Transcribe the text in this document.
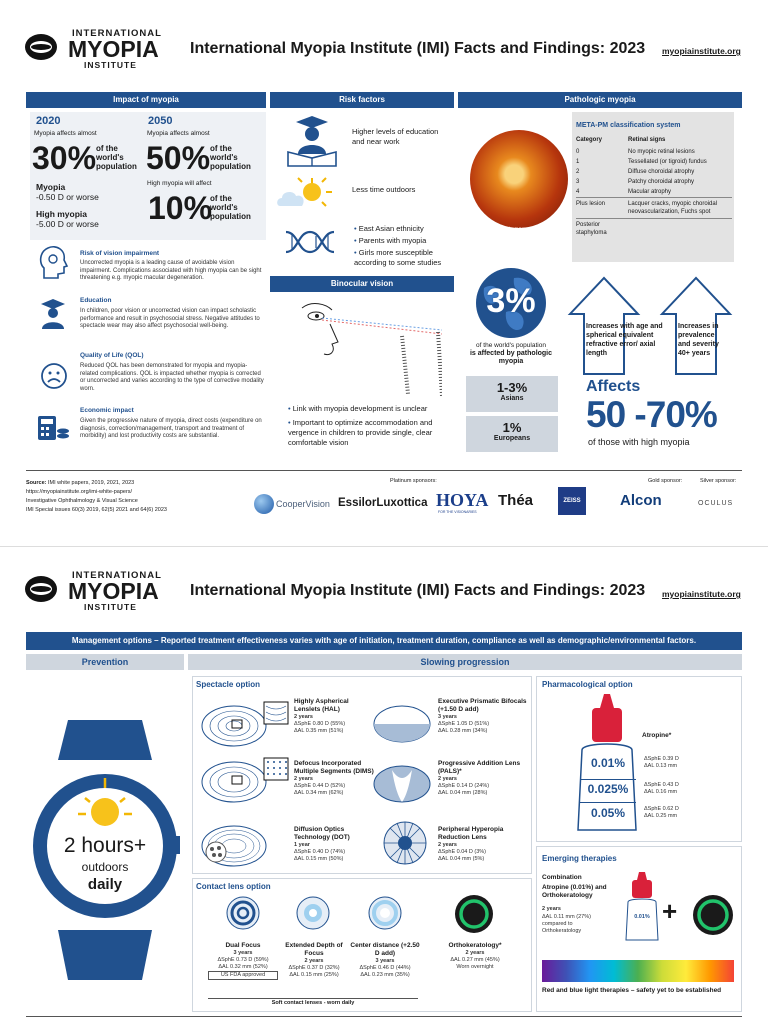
INTERNATIONAL
MYOPIA
INSTITUTE
International Myopia Institute (IMI) Facts and Findings: 2023 myopiainstitute.org
Impact of myopia	Risk factors	Pathologic myopia
2020	2050
Myopia affects almost	Myopia affects almost
30% of the world's population 50% of the world's population
High myopia will affect
10%
of the world's population
Myopia
-0.50 D or worse
High myopia
-5.00 D or worse
Risk of vision impairment
Uncorrected myopia is a leading cause of avoidable vision impairment. Complications associated with high myopia can be sight threatening e.g. myopic macular degeneration.
Education
In children, poor vision or uncorrected vision can impact scholastic performance and result in psychosocial stress. Negative attitudes to spectacle wear may also affect psychosocial well-being.
Quality of Life (QOL)
Reduced QOL has been demonstrated for myopia and myopia-related complications. QOL is impacted whether myopia is corrected or uncorrected and varies according to the type of corrective modality worn.
Economic impact
Given the progressive nature of myopia, direct costs (expenditure on diagnosis, correction/management, transport and treatment of morbidity) and lost productivity costs are substantial.
Higher levels of education and near work
Less time outdoors
• East Asian ethnicity
• Parents with myopia
• Girls more susceptible according to some studies
Binocular vision
• Link with myopia development is unclear
• Important to optimize accommodation and vergence in children to provide single, clear comfortable vision
Category 4
META-PM classification system
Category	Retinal signs
0	No myopic retinal lesions
1	Tessellated (or tigroid) fundus
2	Diffuse choroidal atrophy
3	Patchy choroidal atrophy
4	Macular atrophy
Plus lesion	Lacquer cracks, myopic choroidal neovascularization, Fuchs spot
Posterior staphyloma
3%
of the world's population
is affected by pathologic myopia
1-3%
Asians
1%
Europeans
Increases with age and spherical equivalent refractive error/ axial length
Increases in prevalence and severity 40+ years
Affects
50 -70%
of those with high myopia
Source: IMI white papers, 2019, 2021, 2023
https://myopiainstitute.org/imi-white-papers/
Investigative Ophthalmology & Visual Science
IMI Special issues 60(3) 2019, 62(5) 2021 and 64(6) 2023
Platinum sponsors:	Gold sponsor:	Silver sponsor:
CooperVision EssilorLuxottica HOYA
FOR THE VISIONARIES
Théa	ZEISS	Alcon	OCULUS
INTERNATIONAL
MYOPIA
INSTITUTE
International Myopia Institute (IMI) Facts and Findings: 2023 myopiainstitute.org
Management options – Reported treatment effectiveness varies with age of initiation, treatment duration, compliance as well as demographic/environmental factors.
Prevention	Slowing progression
2 hours+
outdoors
daily
Spectacle option
Highly Aspherical Lenslets (HAL)
2 years
ΔSphE 0.80 D (55%)
ΔAL 0.35 mm (51%)
Executive Prismatic Bifocals (+1.50 D add)
3 years
ΔSphE 1.05 D (51%)
ΔAL 0.28 mm (34%)
Defocus Incorporated Multiple Segments (DIMS)
2 years
ΔSphE 0.44 D (52%)
ΔAL 0.34 mm (62%)
Progressive Addition Lens (PALS)*
2 years
ΔSphE 0.14 D (24%)
ΔAL 0.04 mm (28%)
Diffusion Optics Technology (DOT)
1 year
ΔSphE 0.40 D (74%)
ΔAL 0.15 mm (50%)
Peripheral Hyperopia Reduction Lens
2 years
ΔSphE 0.04 D (3%)
ΔAL 0.04 mm (5%)
Contact lens option
Dual Focus
3 years
ΔSphE 0.73 D (59%)
ΔAL 0.32 mm (52%)
US FDA approved
Extended Depth of Focus
2 years
ΔSphE 0.37 D (32%)
ΔAL 0.15 mm (25%)
Center distance (+2.50 D add)
3 years
ΔSphE 0.46 D (44%)
ΔAL 0.23 mm (35%)
Orthokeratology*
2 years
ΔAL 0.27 mm (45%)
Worn overnight
Soft contact lenses - worn daily
Pharmacological option
Atropine*
0.01%
0.025%
0.05%
ΔSphE 0.39 D
ΔAL 0.13 mm
ΔSphE 0.43 D
ΔAL 0.16 mm
ΔSphE 0.62 D
ΔAL 0.25 mm
Emerging therapies
Combination
Atropine (0.01%) and Orthokeratology
2 years
ΔAL 0.11 mm (27%) compared to Orthokeratology
0.01% +
Red and blue light therapies – safety yet to be established
